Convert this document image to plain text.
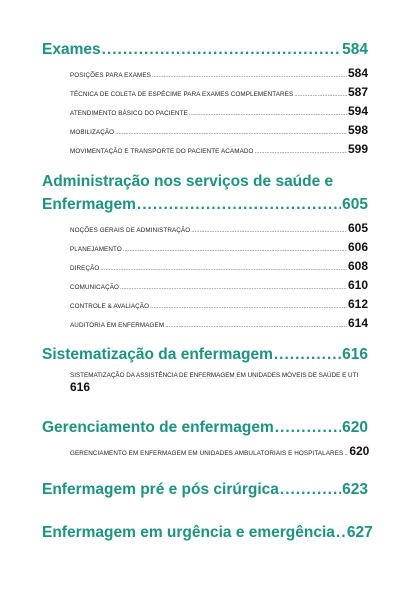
Exames .....	584
POSIÇÕES PARA EXAMES .....	584
TÉCNICA DE COLETA DE ESPÉCIME PARA EXAMES COMPLEMENTARES .....	587
ATENDIMENTO BÁSICO DO PACIENTE .....	594
MOBILIZAÇÃO .....	598
MOVIMENTAÇÃO E TRANSPORTE DO PACIENTE ACAMADO .....	599
Administração nos serviços de saúde e
Enfermagem .....	605
NOÇÕES GERAIS DE ADMINISTRAÇÃO .....	605
PLANEJAMENTO .....	606
DIREÇÃO .....	608
COMUNICAÇÃO .....	610
CONTROLE & AVALIAÇÃO .....	612
AUDITORIA EM ENFERMAGEM .....	614
Sistematização da enfermagem .....	616
SISTEMATIZAÇÃO DA ASSISTÊNCIA DE ENFERMAGEM EM UNIDADES MÓVEIS DE SAÚDE E UTI
616
Gerenciamento de enfermagem .....	620
GERENCIAMENTO EM ENFERMAGEM EM UNIDADES AMBULATORIAIS E HOSPITALARES ..... 620
Enfermagem pré e pós cirúrgica .....	623
Enfermagem em urgência e emergência ..... 627
